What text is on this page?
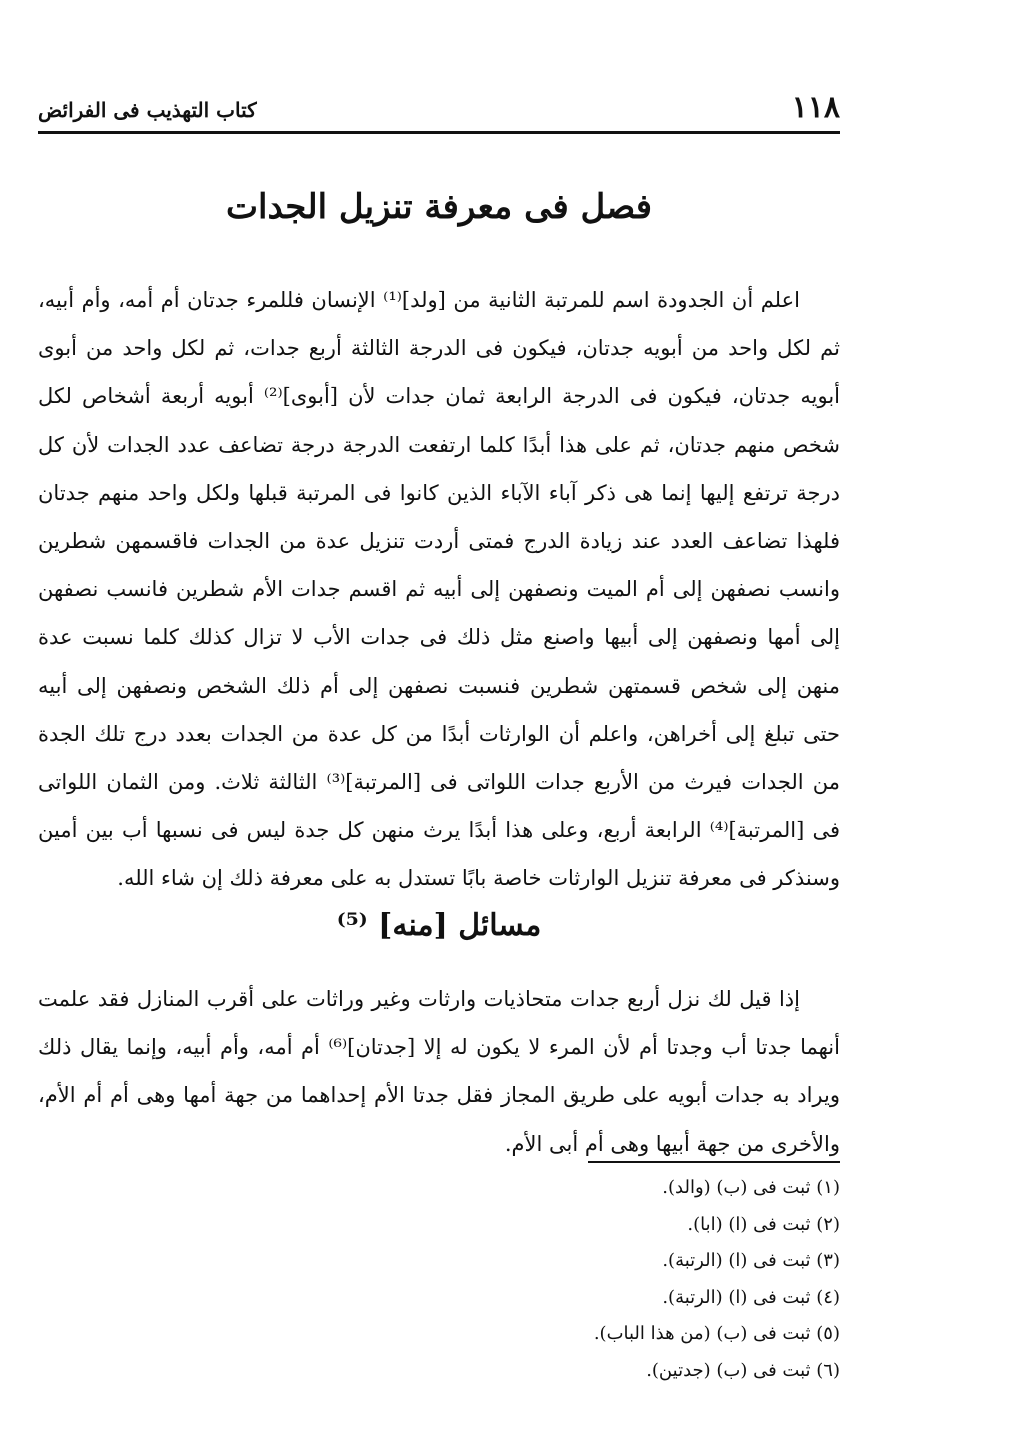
كتاب التهذيب فى الفرائض	١١٨
فصل فى معرفة تنزيل الجدات

اعلم أن الجدودة اسم للمرتبة الثانية من [ولد]⁽¹⁾ الإنسان فللمرء جدتان أم أمه، وأم أبيه، ثم لكل واحد من أبويه جدتان، فيكون فى الدرجة الثالثة أربع جدات، ثم لكل واحد من أبوى أبويه جدتان، فيكون فى الدرجة الرابعة ثمان جدات لأن [أبوى]⁽²⁾ أبويه أربعة أشخاص لكل شخص منهم جدتان، ثم على هذا أبدًا كلما ارتفعت الدرجة درجة تضاعف عدد الجدات لأن كل درجة ترتفع إليها إنما هى ذكر آباء الآباء الذين كانوا فى المرتبة قبلها ولكل واحد منهم جدتان فلهذا تضاعف العدد عند زيادة الدرج فمتى أردت تنزيل عدة من الجدات فاقسمهن شطرين وانسب نصفهن إلى أم الميت ونصفهن إلى أبيه ثم اقسم جدات الأم شطرين فانسب نصفهن إلى أمها ونصفهن إلى أبيها واصنع مثل ذلك فى جدات الأب لا تزال كذلك كلما نسبت عدة منهن إلى شخص قسمتهن شطرين فنسبت نصفهن إلى أم ذلك الشخص ونصفهن إلى أبيه حتى تبلغ إلى أخراهن، واعلم أن الوارثات أبدًا من كل عدة من الجدات بعدد درج تلك الجدة من الجدات فيرث من الأربع جدات اللواتى فى [المرتبة]⁽³⁾ الثالثة ثلاث. ومن الثمان اللواتى فى [المرتبة]⁽⁴⁾ الرابعة أربع، وعلى هذا أبدًا يرث منهن كل جدة ليس فى نسبها أب بين أمين وسنذكر فى معرفة تنزيل الوارثات خاصة بابًا تستدل به على معرفة ذلك إن شاء الله.

مسائل [منه] ⁽⁵⁾

إذا قيل لك نزل أربع جدات متحاذيات وارثات وغير وراثات على أقرب المنازل فقد علمت أنهما جدتا أب وجدتا أم لأن المرء لا يكون له إلا [جدتان]⁽⁶⁾ أم أمه، وأم أبيه، وإنما يقال ذلك ويراد به جدات أبويه على طريق المجاز فقل جدتا الأم إحداهما من جهة أمها وهى أم أم الأم، والأخرى من جهة أبيها وهى أم أبى الأم.

(١) ثبت فى (ب) (والد).
(٢) ثبت فى (ا) (ابا).
(٣) ثبت فى (ا) (الرتبة).
(٤) ثبت فى (ا) (الرتبة).
(٥) ثبت فى (ب) (من هذا الباب).
(٦) ثبت فى (ب) (جدتين).
